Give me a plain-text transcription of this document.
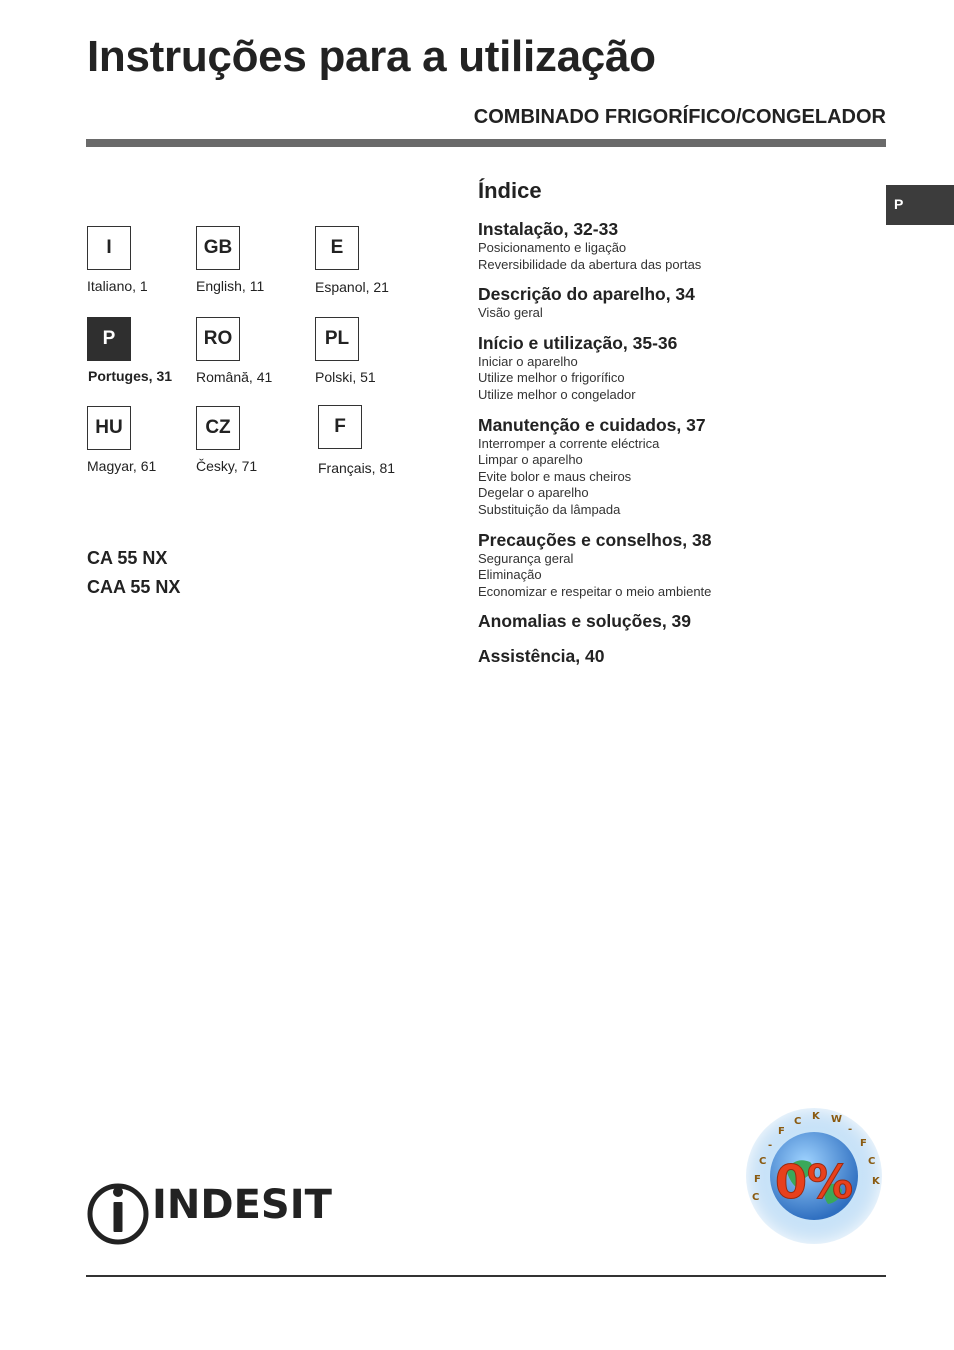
Instruções para a utilização
COMBINADO FRIGORÍFICO/CONGELADOR
P
I
Italiano, 1
GB
English, 11
E
Espanol, 21
P
Portuges, 31
RO
Română, 41
PL
Polski, 51
HU
Magyar, 61
CZ
Česky, 71
F
Français, 81
CA 55 NX
CAA 55 NX
Índice
Instalação, 32-33
Posicionamento e ligação
Reversibilidade da abertura das portas
Descrição do aparelho, 34
Visão geral
Início e utilização, 35-36
Iniciar o aparelho
Utilize melhor o frigorífico
Utilize melhor o congelador
Manutenção e cuidados, 37
Interromper a corrente eléctrica
Limpar o aparelho
Evite bolor e maus cheiros
Degelar o aparelho
Substituição da lâmpada
Precauções e conselhos, 38
Segurança geral
Eliminação
Economizar e respeitar o meio ambiente
Anomalias e soluções, 39
Assistência, 40
0%
CFC- FC K W -FC K
INDESIT
